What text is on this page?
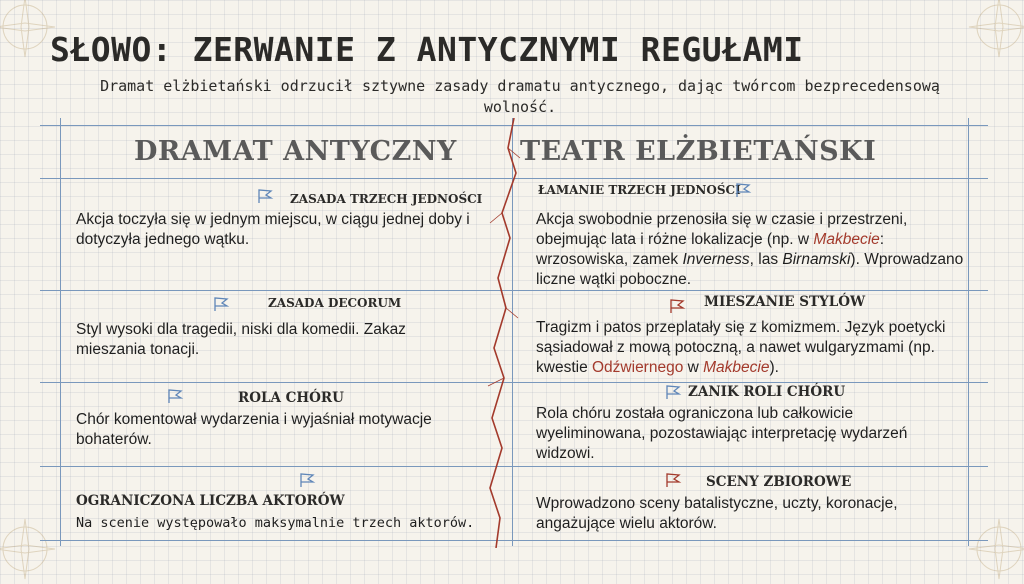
SŁOWO: ZERWANIE Z ANTYCZNYMI REGUŁAMI
Dramat elżbietański odrzucił sztywne zasady dramatu antycznego, dając twórcom bezprecedensową wolność.
DRAMAT ANTYCZNY TEATR ELŻBIETAŃSKI
ZASADA TRZECH JEDNOŚCI
Akcja toczyła się w jednym miejscu, w ciągu jednej doby i dotyczyła jednego wątku.
ŁAMANIE TRZECH JEDNOŚCI
Akcja swobodnie przenosiła się w czasie i przestrzeni, obejmując lata i różne lokalizacje (np. w Makbecie: wrzosowiska, zamek Inverness, las Birnamski). Wprowadzano liczne wątki poboczne.
ZASADA DECORUM
Styl wysoki dla tragedii, niski dla komedii. Zakaz mieszania tonacji.
MIESZANIE STYLÓW
Tragizm i patos przeplatały się z komizmem. Język poetycki sąsiadował z mową potoczną, a nawet wulgaryzmami (np. kwestie Odźwiernego w Makbecie).
ROLA CHÓRU
Chór komentował wydarzenia i wyjaśniał motywacje bohaterów.
ZANIK ROLI CHÓRU
Rola chóru została ograniczona lub całkowicie wyeliminowana, pozostawiając interpretację wydarzeń widzowi.
OGRANICZONA LICZBA AKTORÓW
Na scenie występowało maksymalnie trzech aktorów.
SCENY ZBIOROWE
Wprowadzono sceny batalistyczne, uczty, koronacje, angażujące wielu aktorów.
